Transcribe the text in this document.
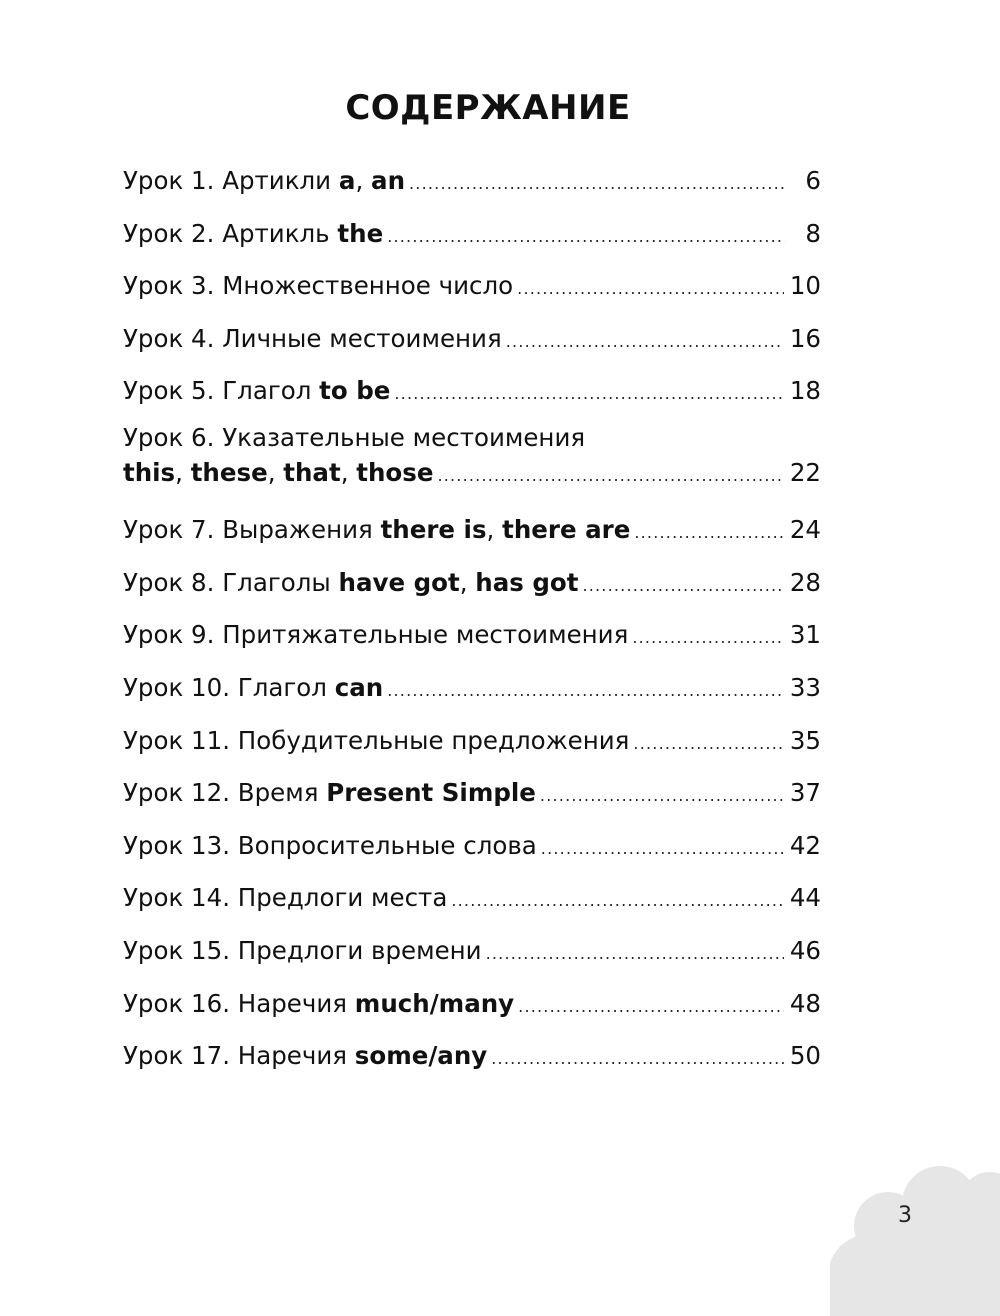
СОДЕРЖАНИЕ
Урок 1. Артикли a, an .....	6
Урок 2. Артикль the .....	8
Урок 3. Множественное число .....	10
Урок 4. Личные местоимения .....	16
Урок 5. Глагол to be .....	18
Урок 6. Указательные местоимения
this, these, that, those .....	22
Урок 7. Выражения there is, there are .....	24
Урок 8. Глаголы have got, has got .....	28
Урок 9. Притяжательные местоимения .....	31
Урок 10. Глагол can .....	33
Урок 11. Побудительные предложения .....	35
Урок 12. Время Present Simple .....	37
Урок 13. Вопросительные слова .....	42
Урок 14. Предлоги места .....	44
Урок 15. Предлоги времени .....	46
Урок 16. Наречия much/many .....	48
Урок 17. Наречия some/any .....	50
3
